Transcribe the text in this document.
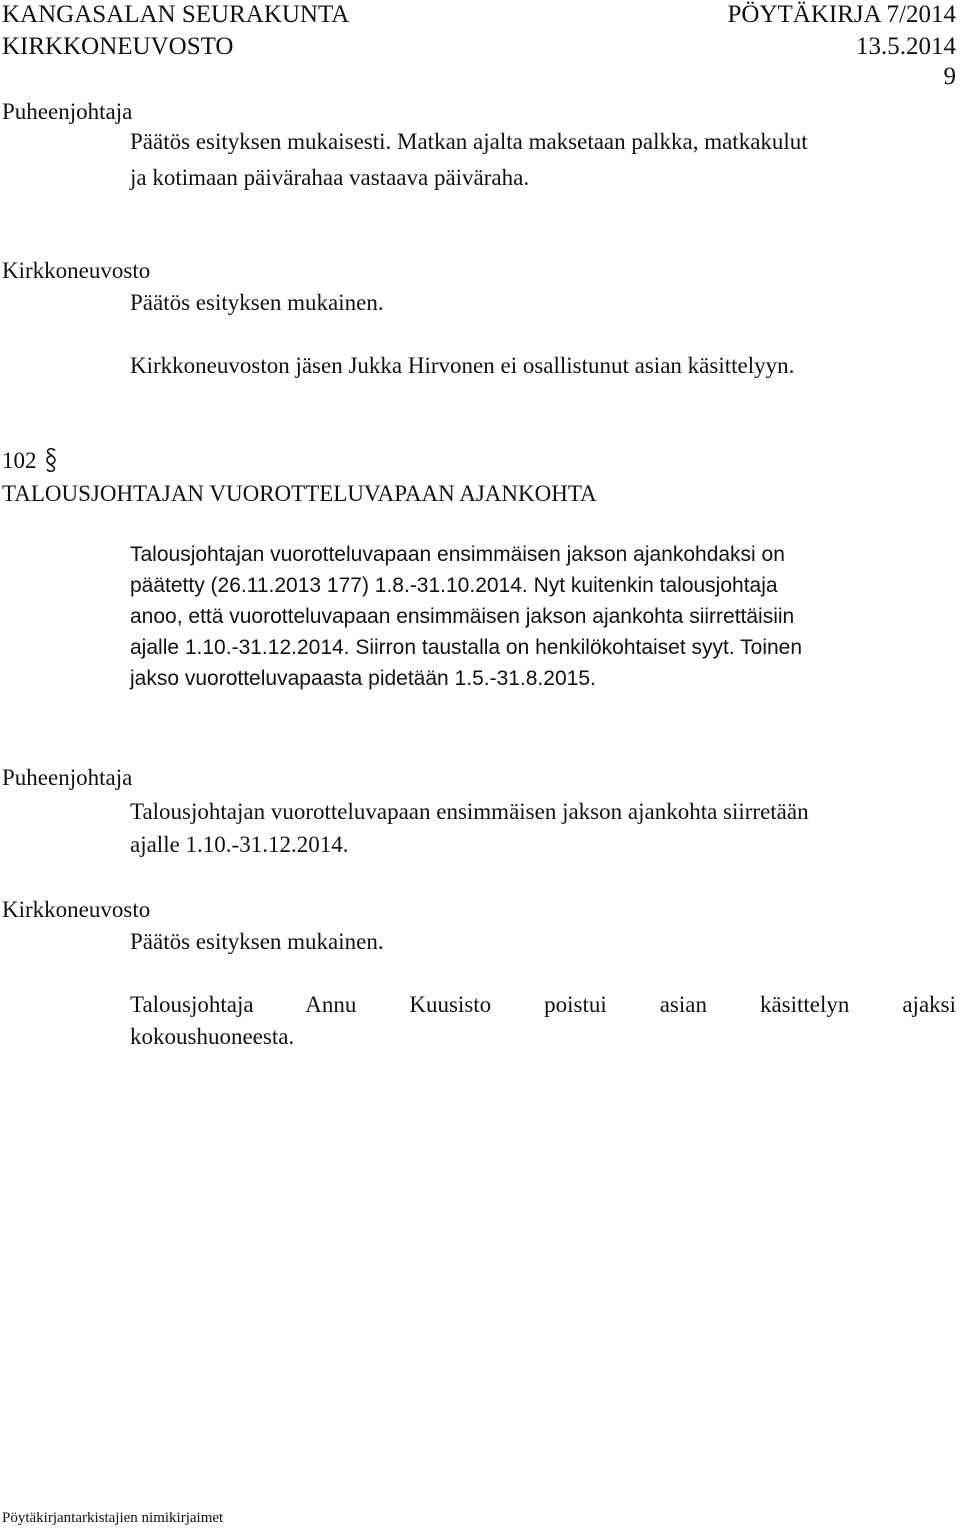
KANGASALAN SEURAKUNTA	PÖYTÄKIRJA 7/2014
KIRKKONEUVOSTO	13.5.2014
9
Puheenjohtaja
Päätös esityksen mukaisesti. Matkan ajalta maksetaan palkka, matkakulut
ja kotimaan päivärahaa vastaava päiväraha.
Kirkkoneuvosto
Päätös esityksen mukainen.
Kirkkoneuvoston jäsen Jukka Hirvonen ei osallistunut asian käsittelyyn.
102
TALOUSJOHTAJAN VUOROTTELUVAPAAN AJANKOHTA
Talousjohtajan vuorotteluvapaan ensimmäisen jakson ajankohdaksi on
päätetty (26.11.2013 177) 1.8.-31.10.2014. Nyt kuitenkin talousjohtaja
anoo, että vuorotteluvapaan ensimmäisen jakson ajankohta siirrettäisiin
ajalle 1.10.-31.12.2014. Siirron taustalla on henkilökohtaiset syyt. Toinen
jakso vuorotteluvapaasta pidetään 1.5.-31.8.2015.
Puheenjohtaja
Talousjohtajan vuorotteluvapaan ensimmäisen jakson ajankohta siirretään
ajalle 1.10.-31.12.2014.
Kirkkoneuvosto
Päätös esityksen mukainen.
Talousjohtaja Annu Kuusisto poistui asian käsittelyn ajaksi
kokoushuoneesta.
Pöytäkirjantarkistajien nimikirjaimet
